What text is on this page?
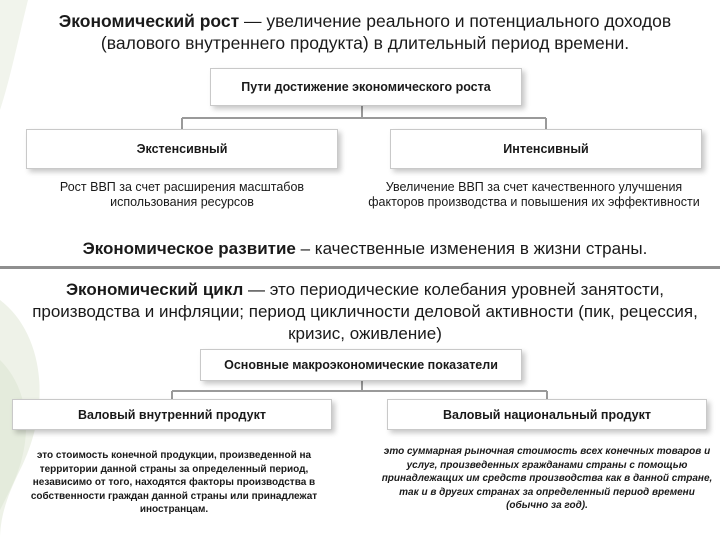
Экономический рост — увеличение реального и потенциального доходов (валового внутреннего продукта) в длительный период времени.
Пути достижение экономического роста
Экстенсивный	Интенсивный
Рост ВВП за счет расширения масштабов использования ресурсов
Увеличение ВВП за счет качественного улучшения факторов производства и повышения их эффективности
Экономическое развитие – качественные изменения в жизни страны.
Экономический цикл — это периодические колебания уровней занятости, производства и инфляции; период цикличности деловой активности (пик, рецессия, кризис, оживление)
Основные макроэкономические показатели
Валовый внутренний продукт	Валовый национальный продукт
это стоимость конечной продукции, произведенной на территории данной страны за определенный период, независимо от того, находятся факторы производства в собственности граждан данной страны или принадлежат иностранцам.
это суммарная рыночная стоимость всех конечных товаров и услуг, произведенных гражданами страны с помощью принадлежащих им средств производства как в данной стране, так и в других странах за определенный период времени (обычно за год).
